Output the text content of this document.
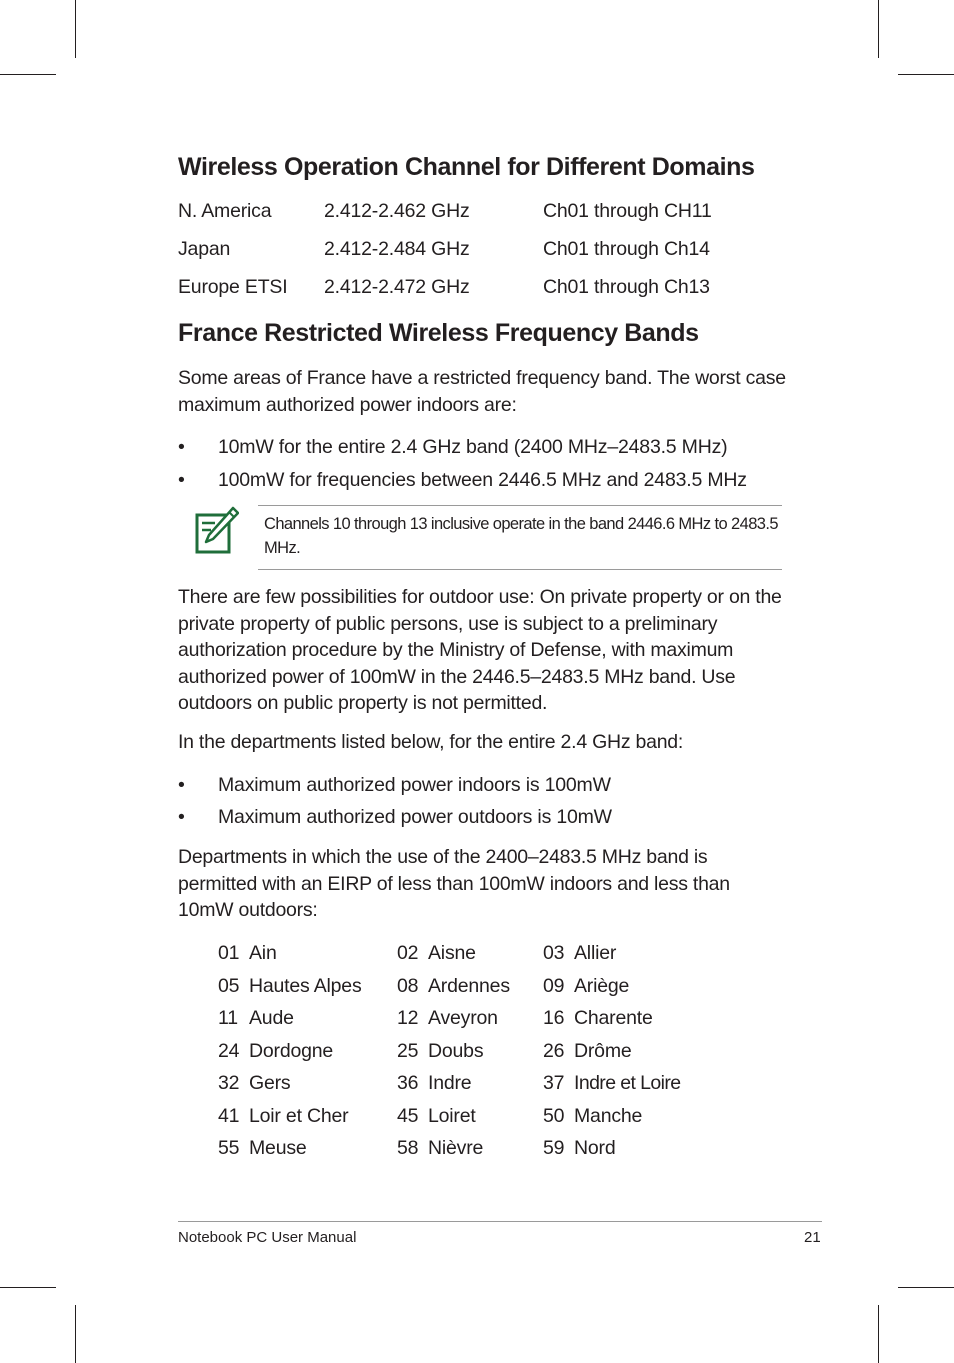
Wireless Operation Channel for Different Domains
N. America	2.412-2.462 GHz	Ch01 through CH11
Japan	2.412-2.484 GHz	Ch01 through Ch14
Europe ETSI 2.412-2.472 GHz	Ch01 through Ch13
France Restricted Wireless Frequency Bands

Some areas of France have a restricted frequency band. The worst case maximum authorized power indoors are:

• 10mW for the entire 2.4 GHz band (2400 MHz–2483.5 MHz)
• 100mW for frequencies between 2446.5 MHz and 2483.5 MHz
Channels 10 through 13 inclusive operate in the band 2446.6 MHz to 2483.5 MHz.

There are few possibilities for outdoor use: On private property or on the private property of public persons, use is subject to a preliminary authorization procedure by the Ministry of Defense, with maximum authorized power of 100mW in the 2446.5–2483.5 MHz band. Use outdoors on public property is not permitted.

In the departments listed below, for the entire 2.4 GHz band:

• Maximum authorized power indoors is 100mW
• Maximum authorized power outdoors is 10mW

Departments in which the use of the 2400–2483.5 MHz band is permitted with an EIRP of less than 100mW indoors and less than 10mW outdoors:

01 Ain	02 Aisne	03 Allier
05 Hautes Alpes 08 Ardennes 09 Ariège
11 Aude	12 Aveyron 16 Charente
24 Dordogne	25 Doubs	26 Drôme
32 Gers	36 Indre	37 Indre et Loire
41 Loir et Cher 45 Loiret	50 Manche
55 Meuse	58 Nièvre	59 Nord
Notebook PC User Manual	21
